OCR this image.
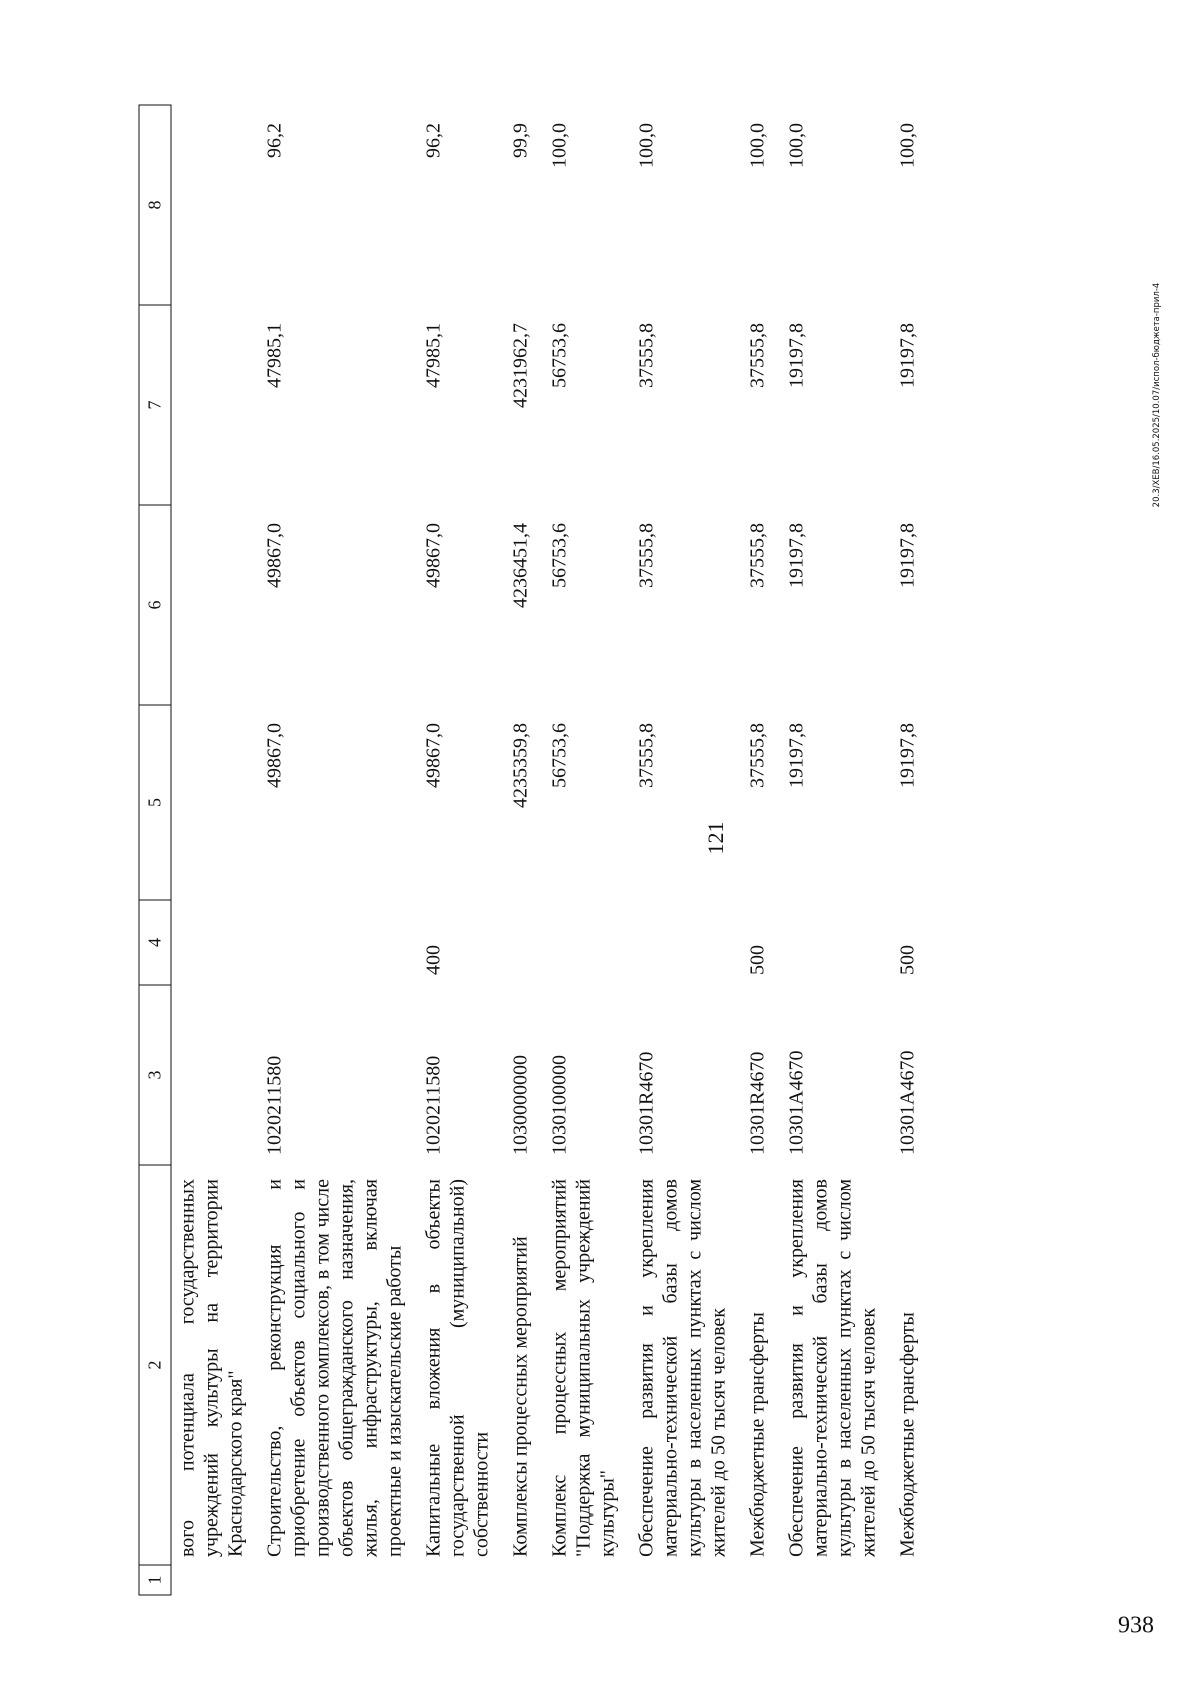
121
1	2	3	4	5	6	7	8
	вого потенциала государственных учреждений культуры на территории Краснодарского края"						
	Строительство, реконструкция и приобретение объектов социального и производственного комплексов, в том числе объектов общегражданского назначения, жилья, инфраструктуры, включая проектные и изыскательские работы	1020211580		49867,0	49867,0	47985,1	96,2
	Капитальные вложения в объекты государственной (муниципальной) собственности	1020211580	400	49867,0	49867,0	47985,1	96,2
	Комплексы процессных мероприятий	1030000000		4235359,8	4236451,4	4231962,7	99,9
	Комплекс процессных мероприятий "Поддержка муниципальных учреждений культуры"	1030100000		56753,6	56753,6	56753,6	100,0
	Обеспечение развития и укрепления материально-технической базы домов культуры в населенных пунктах с числом жителей до 50 тысяч человек	10301R4670		37555,8	37555,8	37555,8	100,0
	Межбюджетные трансферты	10301R4670	500	37555,8	37555,8	37555,8	100,0
	Обеспечение развития и укрепления материально-технической базы домов культуры в населенных пунктах с числом жителей до 50 тысяч человек	10301A4670		19197,8	19197,8	19197,8	100,0
	Межбюджетные трансферты	10301A4670	500	19197,8	19197,8	19197,8	100,0
20.3/ХЕВ/16.05.2025/10.07/испол-бюджета-прил-4
938
